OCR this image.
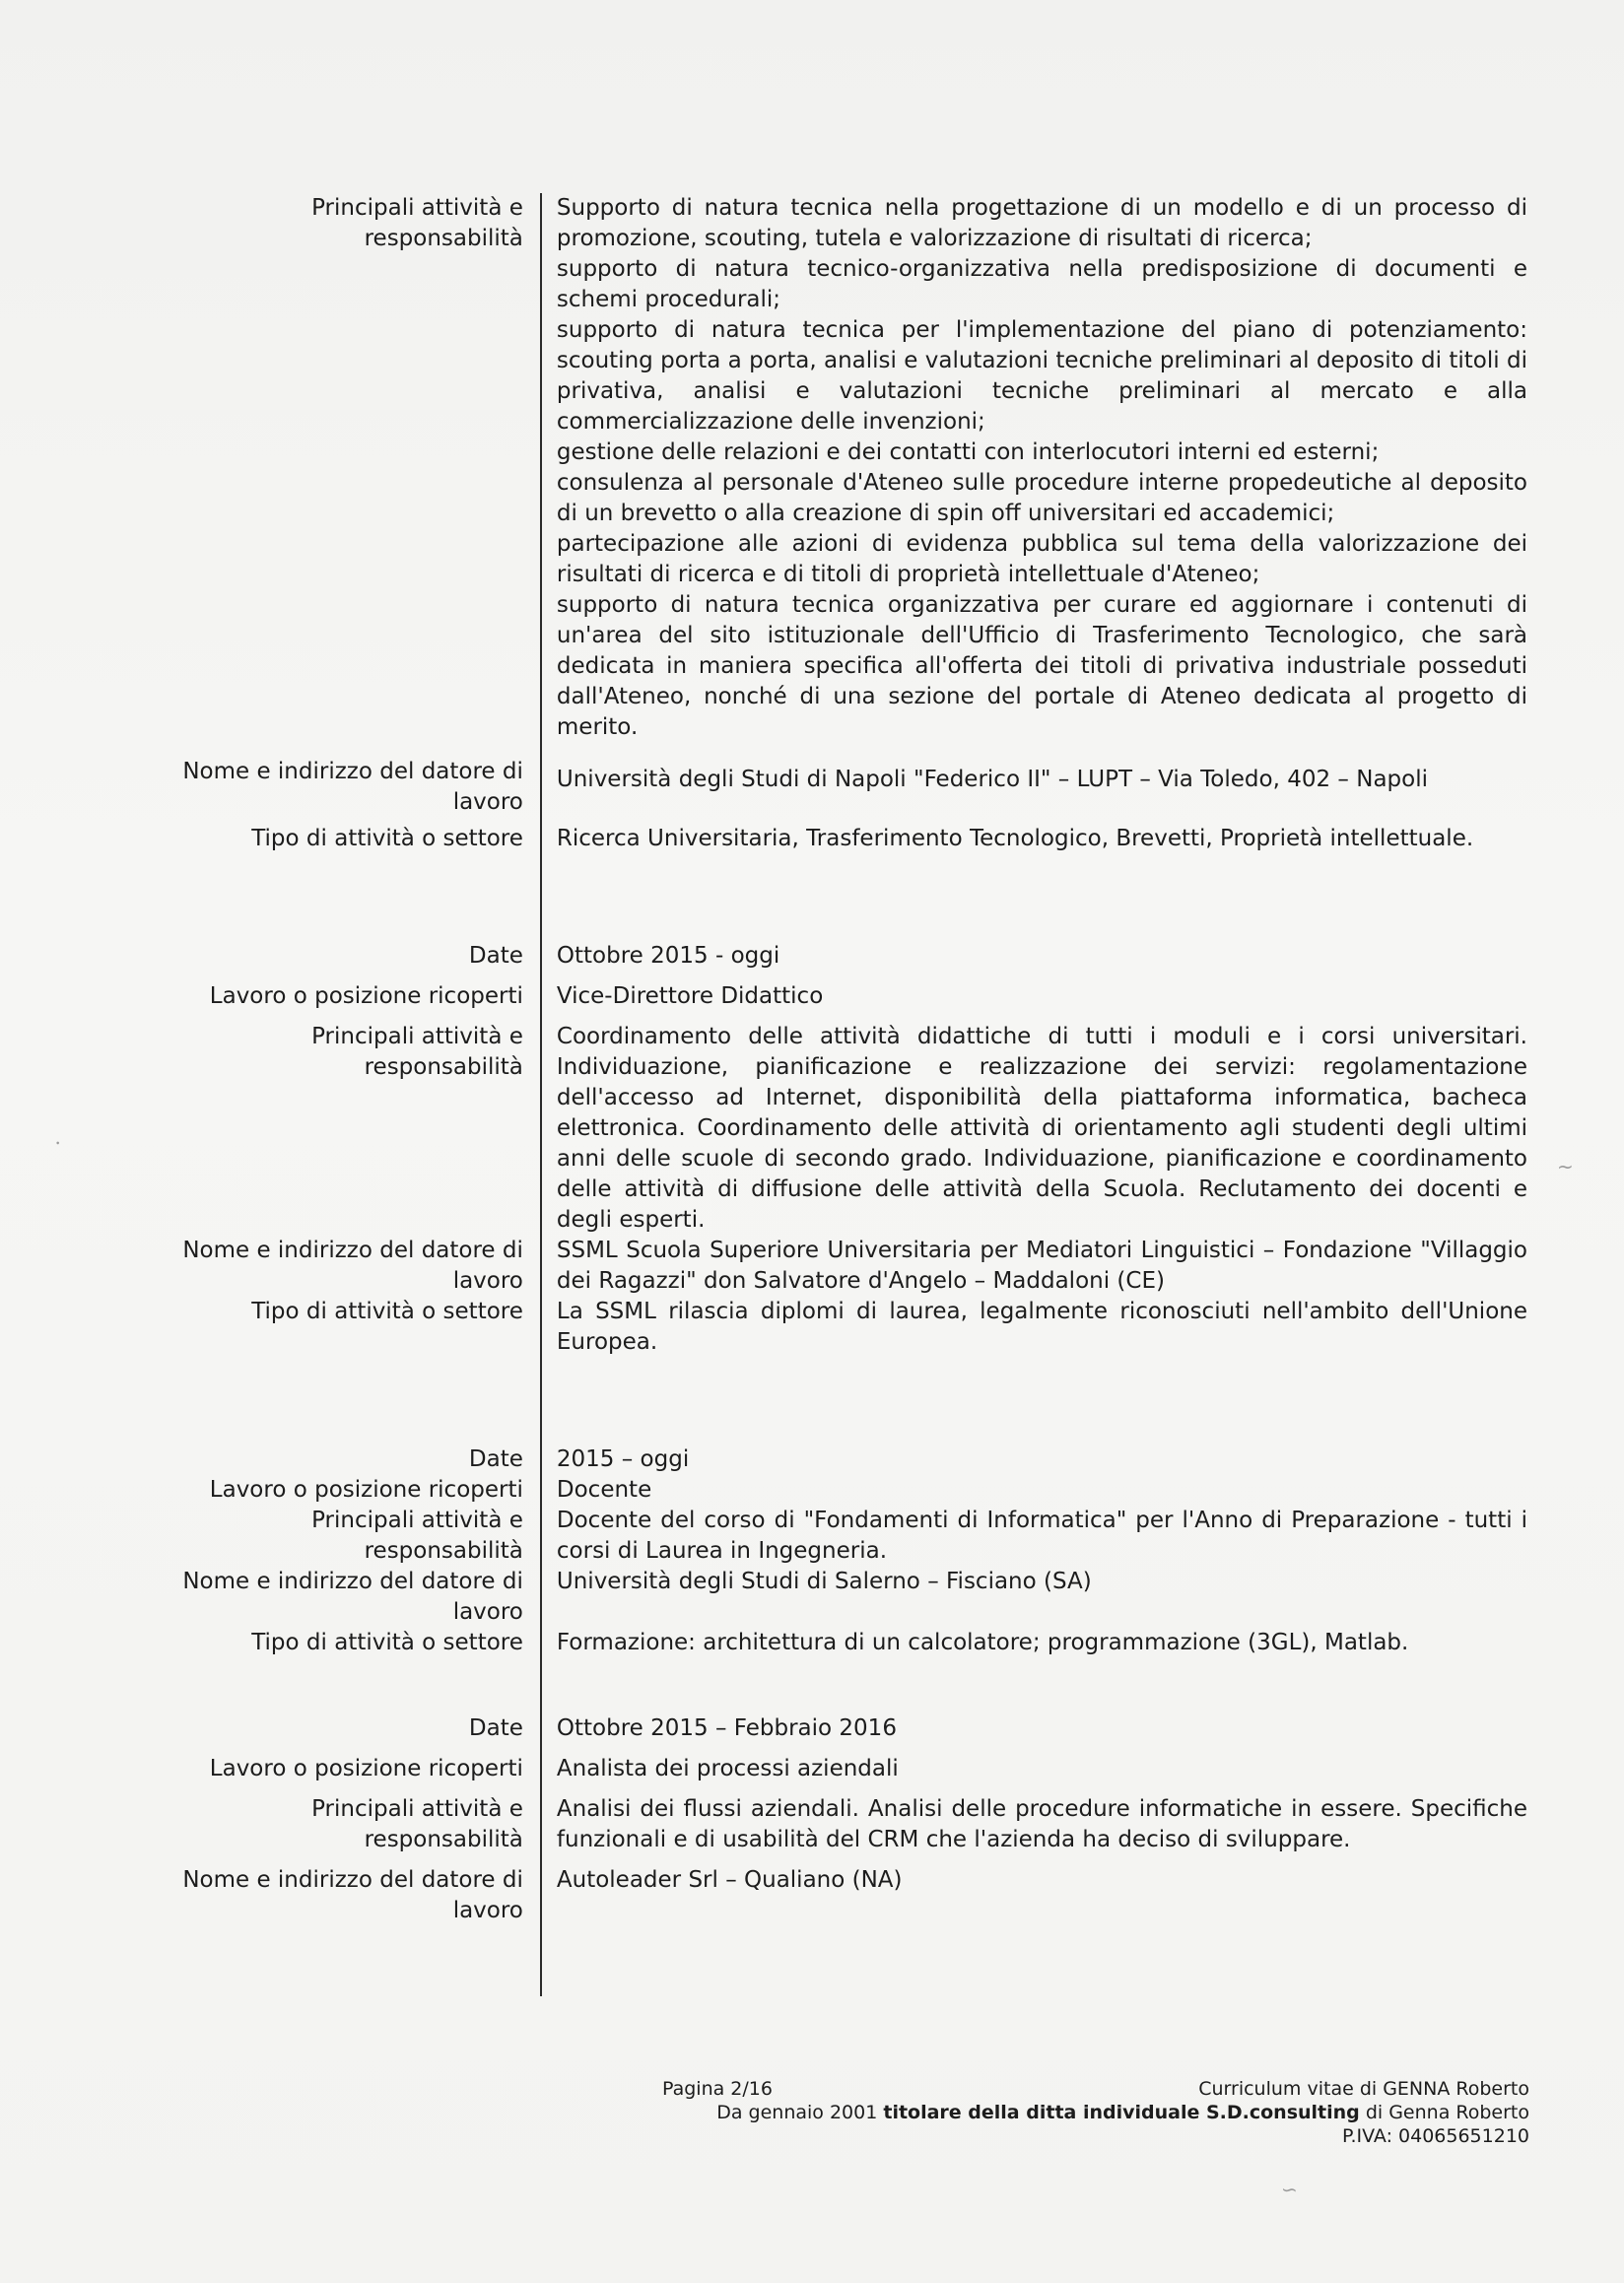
Principali attività e responsabilità
Supporto di natura tecnica nella progettazione di un modello e di un processo di promozione, scouting, tutela e valorizzazione di risultati di ricerca;
supporto di natura tecnico-organizzativa nella predisposizione di documenti e schemi procedurali;
supporto di natura tecnica per l'implementazione del piano di potenziamento: scouting porta a porta, analisi e valutazioni tecniche preliminari al deposito di titoli di privativa, analisi e valutazioni tecniche preliminari al mercato e alla commercializzazione delle invenzioni;
gestione delle relazioni e dei contatti con interlocutori interni ed esterni;
consulenza al personale d'Ateneo sulle procedure interne propedeutiche al deposito di un brevetto o alla creazione di spin off universitari ed accademici;
partecipazione alle azioni di evidenza pubblica sul tema della valorizzazione dei risultati di ricerca e di titoli di proprietà intellettuale d'Ateneo;
supporto di natura tecnica organizzativa per curare ed aggiornare i contenuti di un'area del sito istituzionale dell'Ufficio di Trasferimento Tecnologico, che sarà dedicata in maniera specifica all'offerta dei titoli di privativa industriale posseduti dall'Ateneo, nonché di una sezione del portale di Ateneo dedicata al progetto di merito.
Nome e indirizzo del datore di lavoro
Università degli Studi di Napoli "Federico II" – LUPT – Via Toledo, 402 – Napoli
Tipo di attività o settore Ricerca Universitaria, Trasferimento Tecnologico, Brevetti, Proprietà intellettuale.
Date Ottobre 2015 - oggi
Lavoro o posizione ricoperti Vice-Direttore Didattico
Principali attività e responsabilità
Coordinamento delle attività didattiche di tutti i moduli e i corsi universitari. Individuazione, pianificazione e realizzazione dei servizi: regolamentazione dell'accesso ad Internet, disponibilità della piattaforma informatica, bacheca elettronica. Coordinamento delle attività di orientamento agli studenti degli ultimi anni delle scuole di secondo grado. Individuazione, pianificazione e coordinamento delle attività di diffusione delle attività della Scuola. Reclutamento dei docenti e degli esperti.
Nome e indirizzo del datore di lavoro
SSML Scuola Superiore Universitaria per Mediatori Linguistici – Fondazione "Villaggio dei Ragazzi" don Salvatore d'Angelo – Maddaloni (CE)
Tipo di attività o settore La SSML rilascia diplomi di laurea, legalmente riconosciuti nell'ambito dell'Unione Europea.
Date 2015 – oggi
Lavoro o posizione ricoperti Docente
Principali attività e responsabilità
Docente del corso di "Fondamenti di Informatica" per l'Anno di Preparazione - tutti i corsi di Laurea in Ingegneria.
Nome e indirizzo del datore di lavoro
Università degli Studi di Salerno – Fisciano (SA)
Tipo di attività o settore Formazione: architettura di un calcolatore; programmazione (3GL), Matlab.
Date Ottobre 2015 – Febbraio 2016
Lavoro o posizione ricoperti Analista dei processi aziendali
Principali attività e responsabilità
Analisi dei flussi aziendali. Analisi delle procedure informatiche in essere. Specifiche funzionali e di usabilità del CRM che l'azienda ha deciso di sviluppare.
Nome e indirizzo del datore di lavoro
Autoleader Srl – Qualiano (NA)
Pagina 2/16	Curriculum vitae di GENNA Roberto
Da gennaio 2001 titolare della ditta individuale S.D.consulting di Genna Roberto
P.IVA: 04065651210
⸱
~
∽
